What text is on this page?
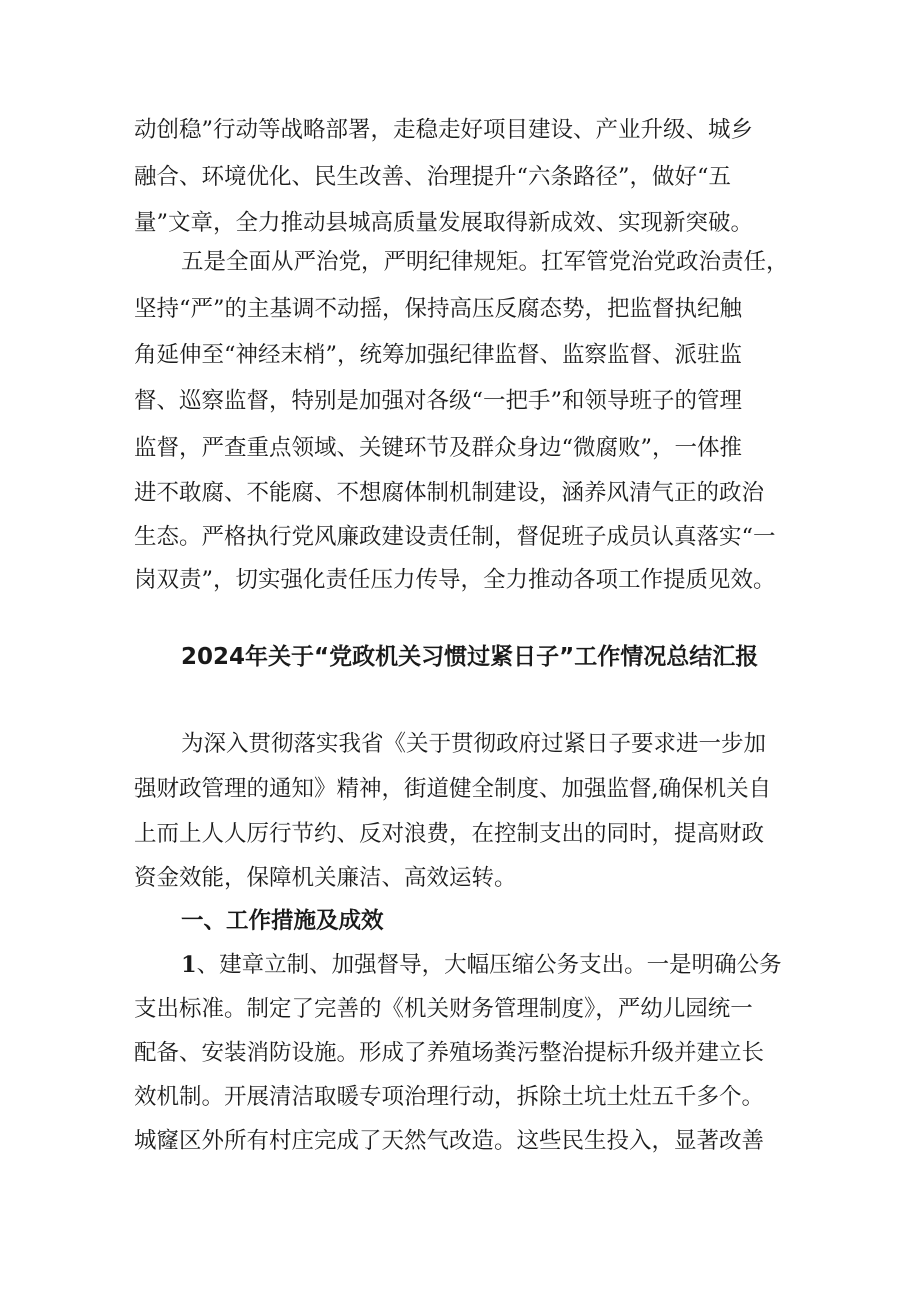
动创稳”行动等战略部署，走稳走好项目建设、产业升级、城乡
融合、环境优化、民生改善、治理提升“六条路径”，做好“五
量”文章，全力推动县城高质量发展取得新成效、实现新突破。
五是全面从严治党，严明纪律规矩。扛军管党治党政治责任，
坚持“严”的主基调不动摇，保持高压反腐态势，把监督执纪触
角延伸至“神经末梢”，统筹加强纪律监督、监察监督、派驻监
督、巡察监督，特别是加强对各级“一把手”和领导班子的管理
监督，严查重点领域、关键环节及群众身边“微腐败”，一体推
进不敢腐、不能腐、不想腐体制机制建设，涵养风清气正的政治
生态。严格执行党风廉政建设责任制，督促班子成员认真落实“一
岗双责”，切实强化责任压力传导，全力推动各项工作提质见效。
2024年关于“党政机关习惯过紧日子”工作情况总结汇报
为深入贯彻落实我省《关于贯彻政府过紧日子要求进一步加
强财政管理的通知》精神，街道健全制度、加强监督,确保机关自
上而上人人厉行节约、反对浪费，在控制支出的同时，提高财政
资金效能，保障机关廉洁、高效运转。
一、工作措施及成效
1、建章立制、加强督导，大幅压缩公务支出。一是明确公务
支出标准。制定了完善的《机关财务管理制度》，严幼儿园统一
配备、安装消防设施。形成了养殖场粪污整治提标升级并建立长
效机制。开展清洁取暖专项治理行动，拆除土坑土灶五千多个。
城窿区外所有村庄完成了天然气改造。这些民生投入，显著改善
